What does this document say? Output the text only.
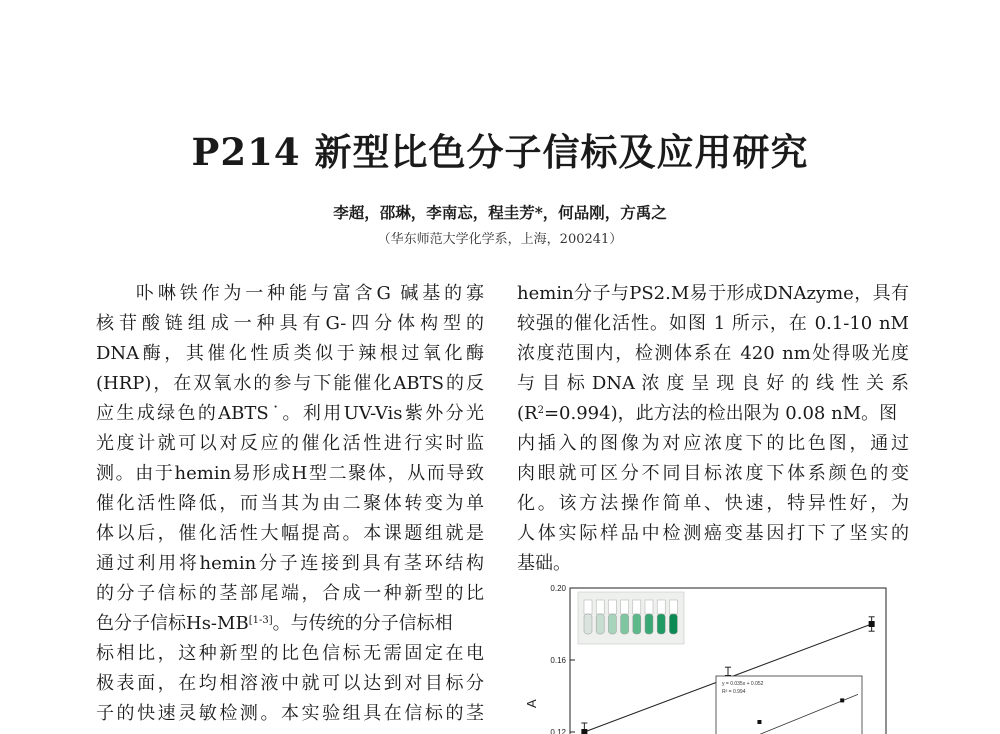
P214 新型比色分子信标及应用研究
李超，邵琳，李南忘，程圭芳*，何品刚，方禹之
（华东师范大学化学系，上海，200241）
卟啉铁作为一种能与富含G 碱基的寡
核苷酸链组成一种具有G-四分体构型的
DNA酶，其催化性质类似于辣根过氧化酶
(HRP)，在双氧水的参与下能催化ABTS的反
应生成绿色的ABTS˙。利用UV-Vis紫外分光
光度计就可以对反应的催化活性进行实时监
测。由于hemin易形成H型二聚体，从而导致
催化活性降低，而当其为由二聚体转变为单
体以后，催化活性大幅提高。本课题组就是
通过利用将hemin分子连接到具有茎环结构
的分子信标的茎部尾端，合成一种新型的比
色分子信标Hs-MB[1-3]。与传统的分子信标相
标相比，这种新型的比色信标无需固定在电
极表面，在均相溶液中就可以达到对目标分
子的快速灵敏检测。本实验组具在信标的茎
hemin分子与PS2.M易于形成DNAzyme，具有
较强的催化活性。如图 1 所示，在 0.1-10 nM
浓度范围内，检测体系在 420 nm处得吸光度
与 目 标 DNA 浓 度 呈 现 良 好 的 线 性 关 系
$(R^2=0.994)$，此方法的检出限为 0.08 nM。图
内插入的图像为对应浓度下的比色图，通过
肉眼就可区分不同目标浓度下体系颜色的变
化。该方法操作简单、快速，特异性好，为
人体实际样品中检测癌变基因打下了坚实的
基础。
0.20
0.16
0.12
A
y = 0.035x + 0.052
R² = 0.994
